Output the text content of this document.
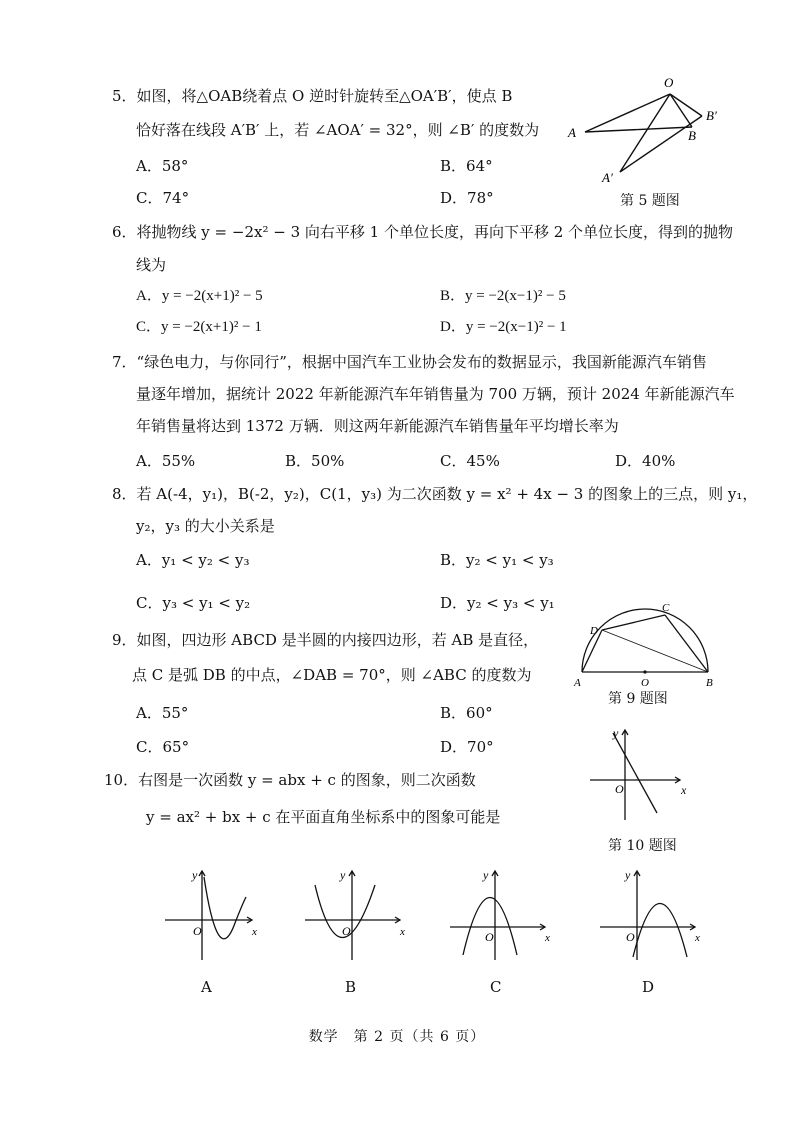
5．如图，将△OAB绕着点 O 逆时针旋转至△OA′B′，使点 B
恰好落在线段 A′B′ 上，若 ∠AOA′ = 32°，则 ∠B′ 的度数为
A．58°	B．64°
C．74°	D．78°
O
A	B
B′
A′
第 5 题图
6．将抛物线 y = −2x² − 3 向右平移 1 个单位长度，再向下平移 2 个单位长度，得到的抛物
线为
A．y = −2(x+1)² − 5	B．y = −2(x−1)² − 5
C．y = −2(x+1)² − 1	D．y = −2(x−1)² − 1
7．“绿色电力，与你同行”，根据中国汽车工业协会发布的数据显示，我国新能源汽车销售
量逐年增加，据统计 2022 年新能源汽车年销售量为 700 万辆，预计 2024 年新能源汽车
年销售量将达到 1372 万辆．则这两年新能源汽车销售量年平均增长率为
A．55%	B．50%	C．45%	D．40%
8．若 A(-4，y₁)，B(-2，y₂)，C(1，y₃) 为二次函数 y = x² + 4x − 3 的图象上的三点，则 y₁，
y₂，y₃ 的大小关系是
A．y₁ < y₂ < y₃	B．y₂ < y₁ < y₃
C．y₃ < y₁ < y₂	D．y₂ < y₃ < y₁
9．如图，四边形 ABCD 是半圆的内接四边形，若 AB 是直径，
点 C 是弧 DB 的中点，∠DAB = 70°，则 ∠ABC 的度数为
A．55°	B．60°
C．65°	D．70°
A	B
C
D
O
第 9 题图
10．右图是一次函数 y = abx + c 的图象，则二次函数
y = ax² + bx + c 在平面直角坐标系中的图象可能是
y
x
O
第 10 题图
y
O	x
A
y
O	x
B
y
O	x
C
y
O	x
D
数学　第 2 页（共 6 页）
